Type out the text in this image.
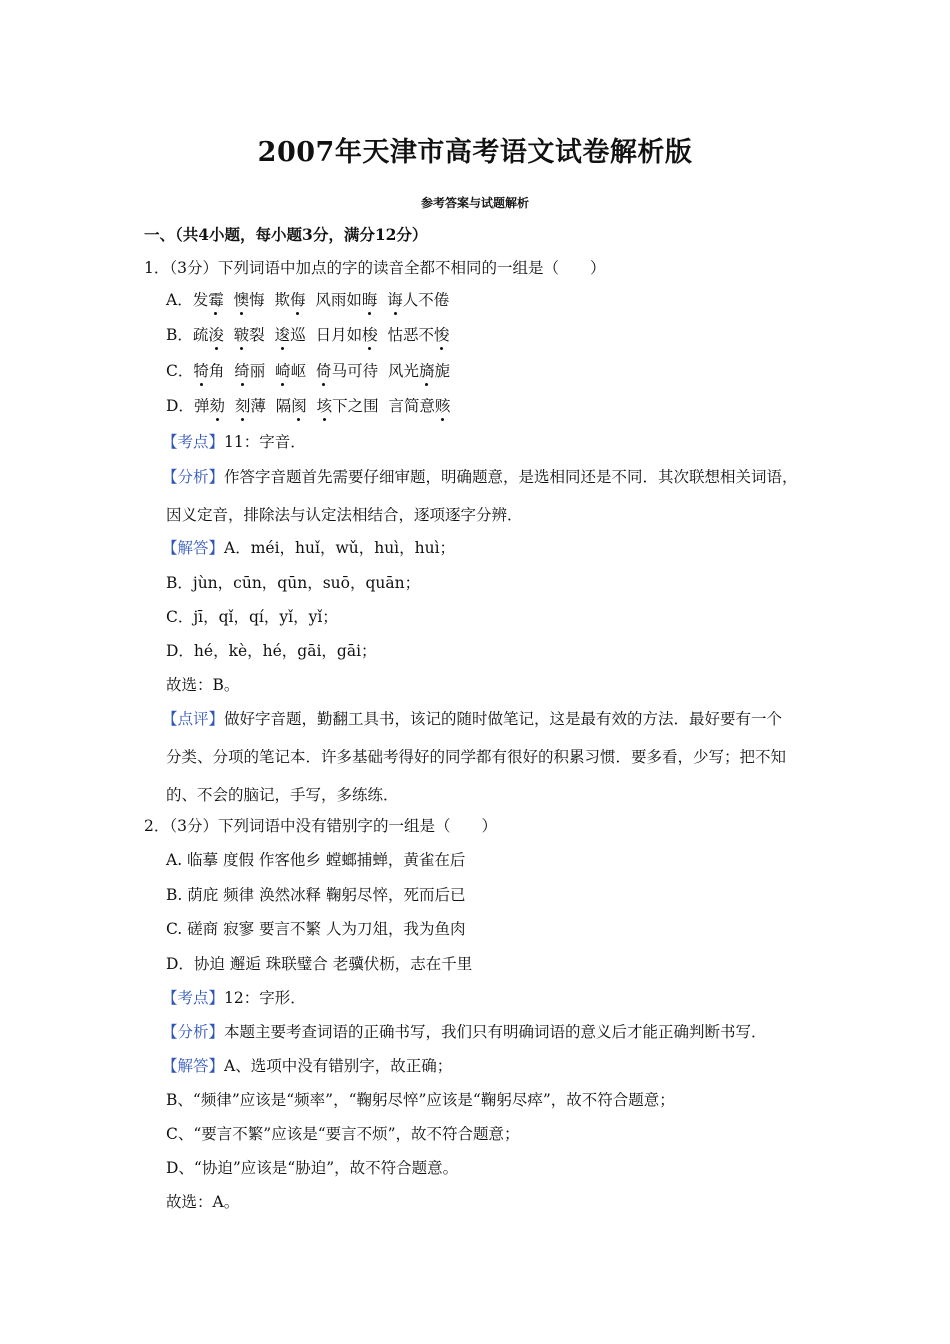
2007年天津市高考语文试卷解析版
参考答案与试题解析
一、（共4小题，每小题3分，满分12分）
1．（3分）下列词语中加点的字的读音全都不相同的一组是（　　）
A．发霉 懊悔 欺侮 风雨如晦 诲人不倦
B．疏浚 皲裂 逡巡 日月如梭 怙恶不悛
C．犄角 绮丽 崎岖 倚马可待 风光旖旎
D．弹劾 刻薄 隔阂 垓下之围 言简意赅
【考点】11：字音．
【分析】作答字音题首先需要仔细审题，明确题意，是选相同还是不同．其次联想相关词语，
因义定音，排除法与认定法相结合，逐项逐字分辨．
【解答】A．méi，huǐ，wǔ，huì，huì；
B．jùn，cūn，qūn，suō，quān；
C．jī，qǐ，qí，yǐ，yǐ；
D．hé，kè，hé，gāi，gāi；
故选：B。
【点评】做好字音题，勤翻工具书，该记的随时做笔记，这是最有效的方法．最好要有一个
分类、分项的笔记本．许多基础考得好的同学都有很好的积累习惯．要多看，少写；把不知
的、不会的脑记，手写，多练练．
2．（3分）下列词语中没有错别字的一组是（　　）
A. 临摹 度假 作客他乡 螳螂捕蝉，黄雀在后
B. 荫庇 频律 涣然冰释 鞠躬尽悴，死而后已
C. 磋商 寂寥 要言不繁 人为刀俎，我为鱼肉
D．协迫 邂逅 珠联璧合 老骥伏枥，志在千里
【考点】12：字形．
【分析】本题主要考查词语的正确书写，我们只有明确词语的意义后才能正确判断书写．
【解答】A、选项中没有错别字，故正确；
B、“频律”应该是“频率”，“鞠躬尽悴”应该是“鞠躬尽瘁”，故不符合题意；
C、“要言不繁”应该是“要言不烦”，故不符合题意；
D、“协迫”应该是“胁迫”，故不符合题意。
故选：A。
